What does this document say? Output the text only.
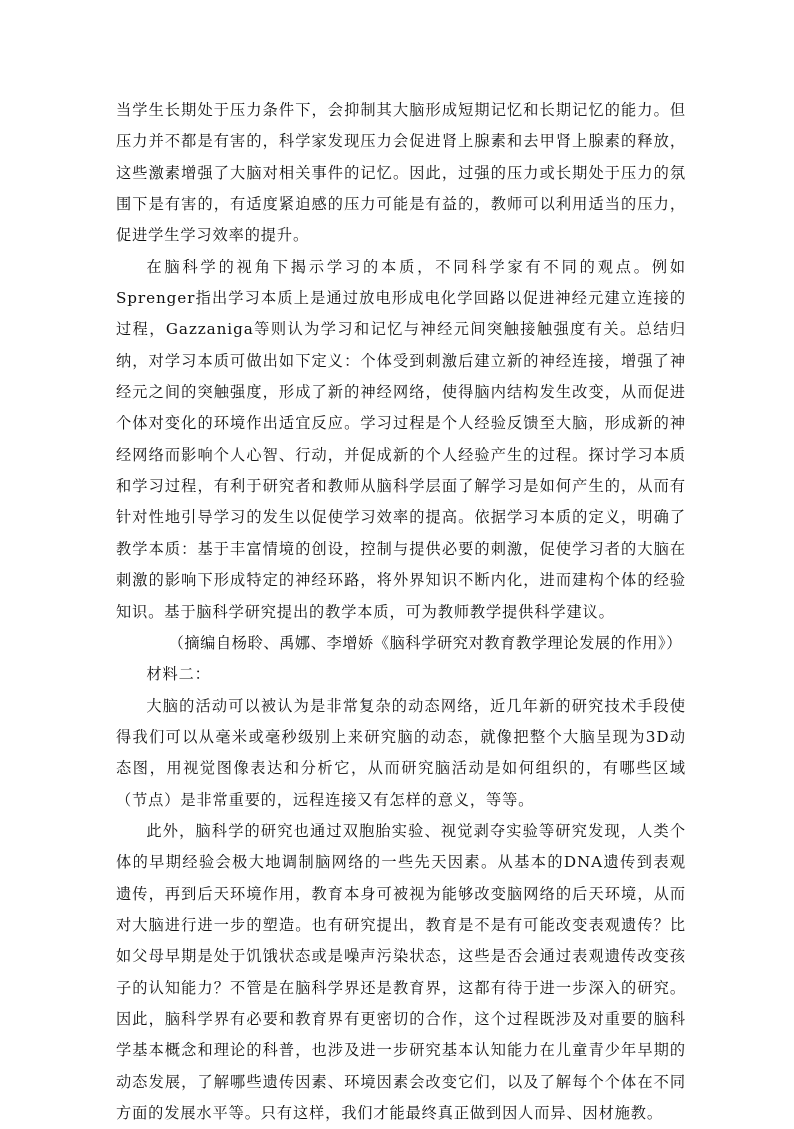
当学生长期处于压力条件下，会抑制其大脑形成短期记忆和长期记忆的能力。但压力并不都是有害的，科学家发现压力会促进肾上腺素和去甲肾上腺素的释放，这些激素增强了大脑对相关事件的记忆。因此，过强的压力或长期处于压力的氛围下是有害的，有适度紧迫感的压力可能是有益的，教师可以利用适当的压力，促进学生学习效率的提升。

在脑科学的视角下揭示学习的本质，不同科学家有不同的观点。例如Sprenger指出学习本质上是通过放电形成电化学回路以促进神经元建立连接的过程，Gazzaniga等则认为学习和记忆与神经元间突触接触强度有关。总结归纳，对学习本质可做出如下定义：个体受到刺激后建立新的神经连接，增强了神经元之间的突触强度，形成了新的神经网络，使得脑内结构发生改变，从而促进个体对变化的环境作出适宜反应。学习过程是个人经验反馈至大脑，形成新的神经网络而影响个人心智、行动，并促成新的个人经验产生的过程。探讨学习本质和学习过程，有利于研究者和教师从脑科学层面了解学习是如何产生的，从而有针对性地引导学习的发生以促使学习效率的提高。依据学习本质的定义，明确了教学本质：基于丰富情境的创设，控制与提供必要的刺激，促使学习者的大脑在刺激的影响下形成特定的神经环路，将外界知识不断内化，进而建构个体的经验知识。基于脑科学研究提出的教学本质，可为教师教学提供科学建议。

（摘编自杨聆、禹娜、李增娇《脑科学研究对教育教学理论发展的作用》）

材料二：

大脑的活动可以被认为是非常复杂的动态网络，近几年新的研究技术手段使得我们可以从毫米或毫秒级别上来研究脑的动态，就像把整个大脑呈现为3D动态图，用视觉图像表达和分析它，从而研究脑活动是如何组织的，有哪些区域（节点）是非常重要的，远程连接又有怎样的意义，等等。

此外，脑科学的研究也通过双胞胎实验、视觉剥夺实验等研究发现，人类个体的早期经验会极大地调制脑网络的一些先天因素。从基本的DNA遗传到表观遗传，再到后天环境作用，教育本身可被视为能够改变脑网络的后天环境，从而对大脑进行进一步的塑造。也有研究提出，教育是不是有可能改变表观遗传？比如父母早期是处于饥饿状态或是噪声污染状态，这些是否会通过表观遗传改变孩子的认知能力？不管是在脑科学界还是教育界，这都有待于进一步深入的研究。因此，脑科学界有必要和教育界有更密切的合作，这个过程既涉及对重要的脑科学基本概念和理论的科普，也涉及进一步研究基本认知能力在儿童青少年早期的动态发展，了解哪些遗传因素、环境因素会改变它们，以及了解每个个体在不同方面的发展水平等。只有这样，我们才能最终真正做到因人而异、因材施教。
